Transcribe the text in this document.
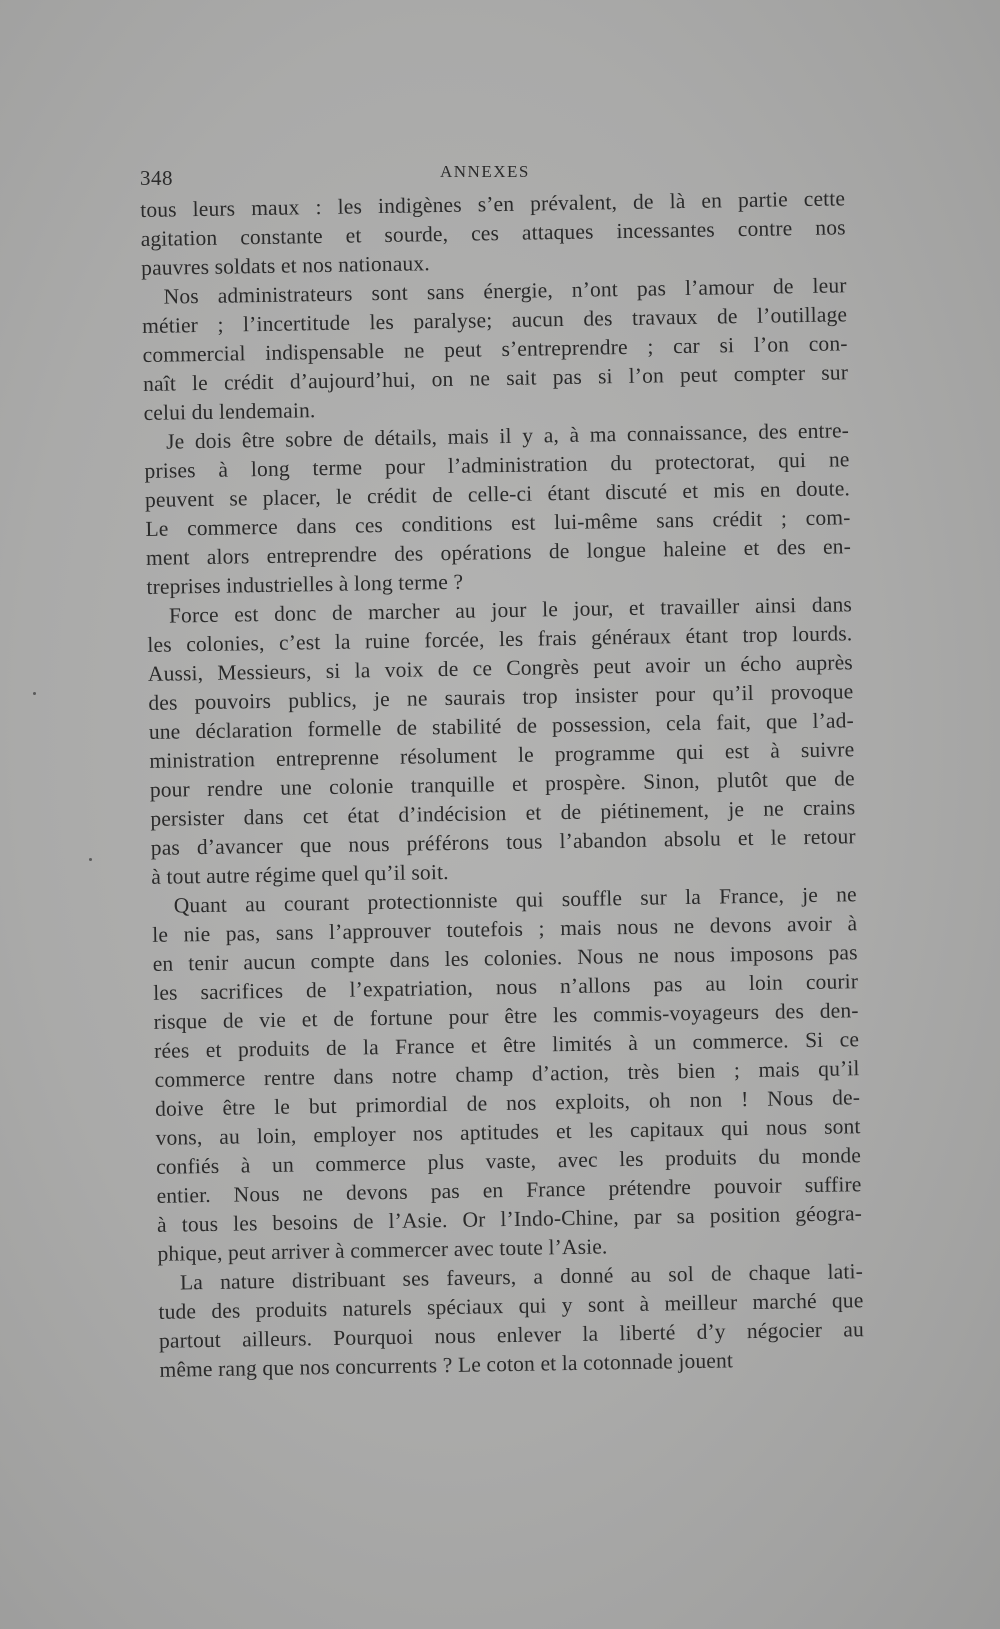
348	ANNEXES
tous leurs maux : les indigènes s’en prévalent, de là en partie cette
agitation constante et sourde, ces attaques incessantes contre nos
pauvres soldats et nos nationaux.
Nos administrateurs sont sans énergie, n’ont pas l’amour de leur
métier ; l’incertitude les paralyse; aucun des travaux de l’outillage
commercial indispensable ne peut s’entreprendre ; car si l’on con-
naît le crédit d’aujourd’hui, on ne sait pas si l’on peut compter sur
celui du lendemain.
Je dois être sobre de détails, mais il y a, à ma connaissance, des entre-
prises à long terme pour l’administration du protectorat, qui ne
peuvent se placer, le crédit de celle-ci étant discuté et mis en doute.
Le commerce dans ces conditions est lui-même sans crédit ; com-
ment alors entreprendre des opérations de longue haleine et des en-
treprises industrielles à long terme ?
Force est donc de marcher au jour le jour, et travailler ainsi dans
les colonies, c’est la ruine forcée, les frais généraux étant trop lourds.
Aussi, Messieurs, si la voix de ce Congrès peut avoir un écho auprès
des pouvoirs publics, je ne saurais trop insister pour qu’il provoque
une déclaration formelle de stabilité de possession, cela fait, que l’ad-
ministration entreprenne résolument le programme qui est à suivre
pour rendre une colonie tranquille et prospère. Sinon, plutôt que de
persister dans cet état d’indécision et de piétinement, je ne crains
pas d’avancer que nous préférons tous l’abandon absolu et le retour
à tout autre régime quel qu’il soit.
Quant au courant protectionniste qui souffle sur la France, je ne
le nie pas, sans l’approuver toutefois ; mais nous ne devons avoir à
en tenir aucun compte dans les colonies. Nous ne nous imposons pas
les sacrifices de l’expatriation, nous n’allons pas au loin courir
risque de vie et de fortune pour être les commis-voyageurs des den-
rées et produits de la France et être limités à un commerce. Si ce
commerce rentre dans notre champ d’action, très bien ; mais qu’il
doive être le but primordial de nos exploits, oh non ! Nous de-
vons, au loin, employer nos aptitudes et les capitaux qui nous sont
confiés à un commerce plus vaste, avec les produits du monde
entier. Nous ne devons pas en France prétendre pouvoir suffire
à tous les besoins de l’Asie. Or l’Indo-Chine, par sa position géogra-
phique, peut arriver à commercer avec toute l’Asie.
La nature distribuant ses faveurs, a donné au sol de chaque lati-
tude des produits naturels spéciaux qui y sont à meilleur marché que
partout ailleurs. Pourquoi nous enlever la liberté d’y négocier au
même rang que nos concurrents ? Le coton et la cotonnade jouent
